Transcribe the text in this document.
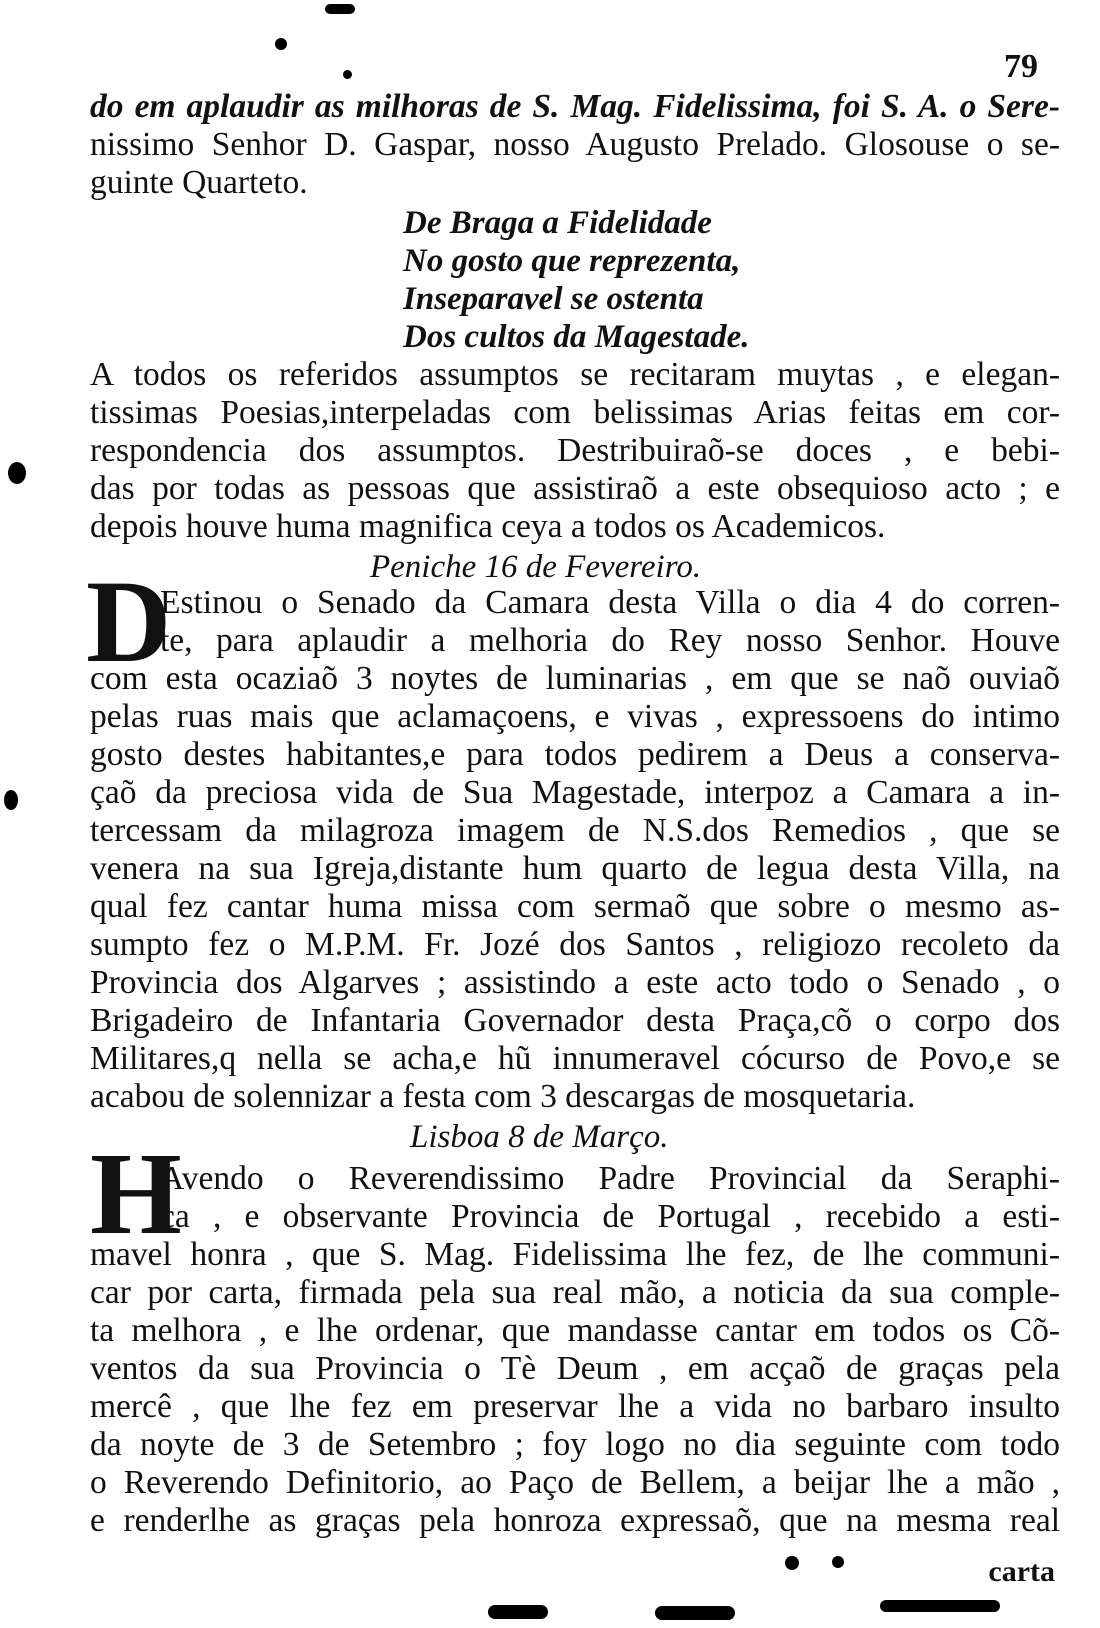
79
do em aplaudir as milhoras de S. Mag. Fidelissima, foi S. A. o Sere-
nissimo Senhor D. Gaspar, nosso Augusto Prelado. Glosouse o se-
guinte Quarteto.
De Braga a Fidelidade
No gosto que reprezenta,
Inseparavel se ostenta
Dos cultos da Magestade.
A todos os referidos assumptos se recitaram muytas , e elegan-
tissimas Poesias,interpeladas com belissimas Arias feitas em cor-
respondencia dos assumptos. Destribuiraõ-se doces , e bebi-
das por todas as pessoas que assistiraõ a este obsequioso acto ; e
depois houve huma magnifica ceya a todos os Academicos.
Peniche 16 de Fevereiro.
D
Estinou o Senado da Camara desta Villa o dia 4 do corren-
te, para aplaudir a melhoria do Rey nosso Senhor. Houve
com esta ocaziaõ 3 noytes de luminarias , em que se naõ ouviaõ
pelas ruas mais que aclamaçoens, e vivas , expressoens do intimo
gosto destes habitantes,e para todos pedirem a Deus a conserva-
çaõ da preciosa vida de Sua Magestade, interpoz a Camara a in-
tercessam da milagroza imagem de N.S.dos Remedios , que se
venera na sua Igreja,distante hum quarto de legua desta Villa, na
qual fez cantar huma missa com sermaõ que sobre o mesmo as-
sumpto fez o M.P.M. Fr. Jozé dos Santos , religiozo recoleto da
Provincia dos Algarves ; assistindo a este acto todo o Senado , o
Brigadeiro de Infantaria Governador desta Praça,cõ o corpo dos
Militares,q nella se acha,e hũ innumeravel cócurso de Povo,e se
acabou de solennizar a festa com 3 descargas de mosquetaria.
Lisboa 8 de Março.
H
Avendo o Reverendissimo Padre Provincial da Seraphi-
ca , e observante Provincia de Portugal , recebido a esti-
mavel honra , que S. Mag. Fidelissima lhe fez, de lhe communi-
car por carta, firmada pela sua real mão, a noticia da sua comple-
ta melhora , e lhe ordenar, que mandasse cantar em todos os Cõ-
ventos da sua Provincia o Tè Deum , em acçaõ de graças pela
mercê , que lhe fez em preservar lhe a vida no barbaro insulto
da noyte de 3 de Setembro ; foy logo no dia seguinte com todo
o Reverendo Definitorio, ao Paço de Bellem, a beijar lhe a mão ,
e renderlhe as graças pela honroza expressaõ, que na mesma real
carta
